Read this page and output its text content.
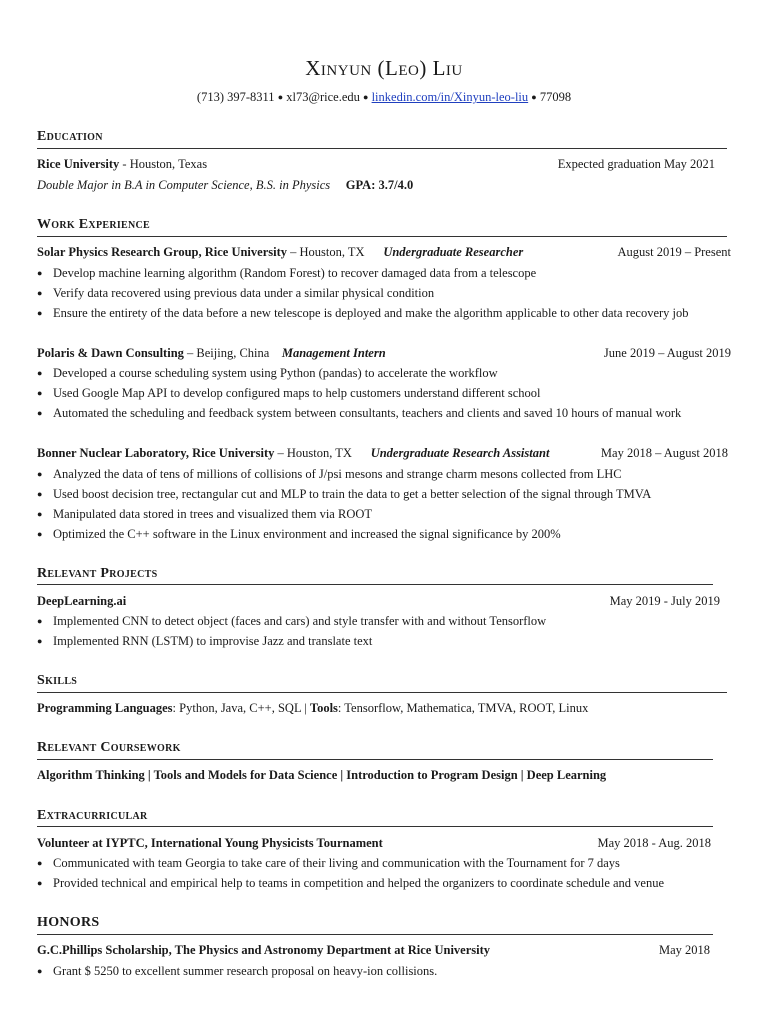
Xinyun (Leo) Liu
(713) 397-8311 ● xl73@rice.edu ● linkedin.com/in/Xinyun-leo-liu ● 77098
Education
Rice University - Houston, Texas	Expected graduation May 2021
Double Major in B.A in Computer Science, B.S. in Physics GPA: 3.7/4.0
Work Experience
Solar Physics Research Group, Rice University – Houston, TX Undergraduate Researcher	August 2019 – Present
● Develop machine learning algorithm (Random Forest) to recover damaged data from a telescope
● Verify data recovered using previous data under a similar physical condition
● Ensure the entirety of the data before a new telescope is deployed and make the algorithm applicable to other data recovery job
Polaris & Dawn Consulting – Beijing, China Management Intern	June 2019 – August 2019
● Developed a course scheduling system using Python (pandas) to accelerate the workflow
● Used Google Map API to develop configured maps to help customers understand different school
● Automated the scheduling and feedback system between consultants, teachers and clients and saved 10 hours of manual work
Bonner Nuclear Laboratory, Rice University – Houston, TX Undergraduate Research Assistant	May 2018 – August 2018
● Analyzed the data of tens of millions of collisions of J/psi mesons and strange charm mesons collected from LHC
● Used boost decision tree, rectangular cut and MLP to train the data to get a better selection of the signal through TMVA
● Manipulated data stored in trees and visualized them via ROOT
● Optimized the C++ software in the Linux environment and increased the signal significance by 200%
Relevant Projects
DeepLearning.ai	May 2019 - July 2019
● Implemented CNN to detect object (faces and cars) and style transfer with and without Tensorflow
● Implemented RNN (LSTM) to improvise Jazz and translate text
Skills
Programming Languages: Python, Java, C++, SQL | Tools: Tensorflow, Mathematica, TMVA, ROOT, Linux
Relevant Coursework
Algorithm Thinking | Tools and Models for Data Science | Introduction to Program Design | Deep Learning
Extracurricular
Volunteer at IYPTC, International Young Physicists Tournament	May 2018 - Aug. 2018
● Communicated with team Georgia to take care of their living and communication with the Tournament for 7 days
● Provided technical and empirical help to teams in competition and helped the organizers to coordinate schedule and venue
HONORS
G.C.Phillips Scholarship, The Physics and Astronomy Department at Rice University	May 2018
● Grant $ 5250 to excellent summer research proposal on heavy-ion collisions.
